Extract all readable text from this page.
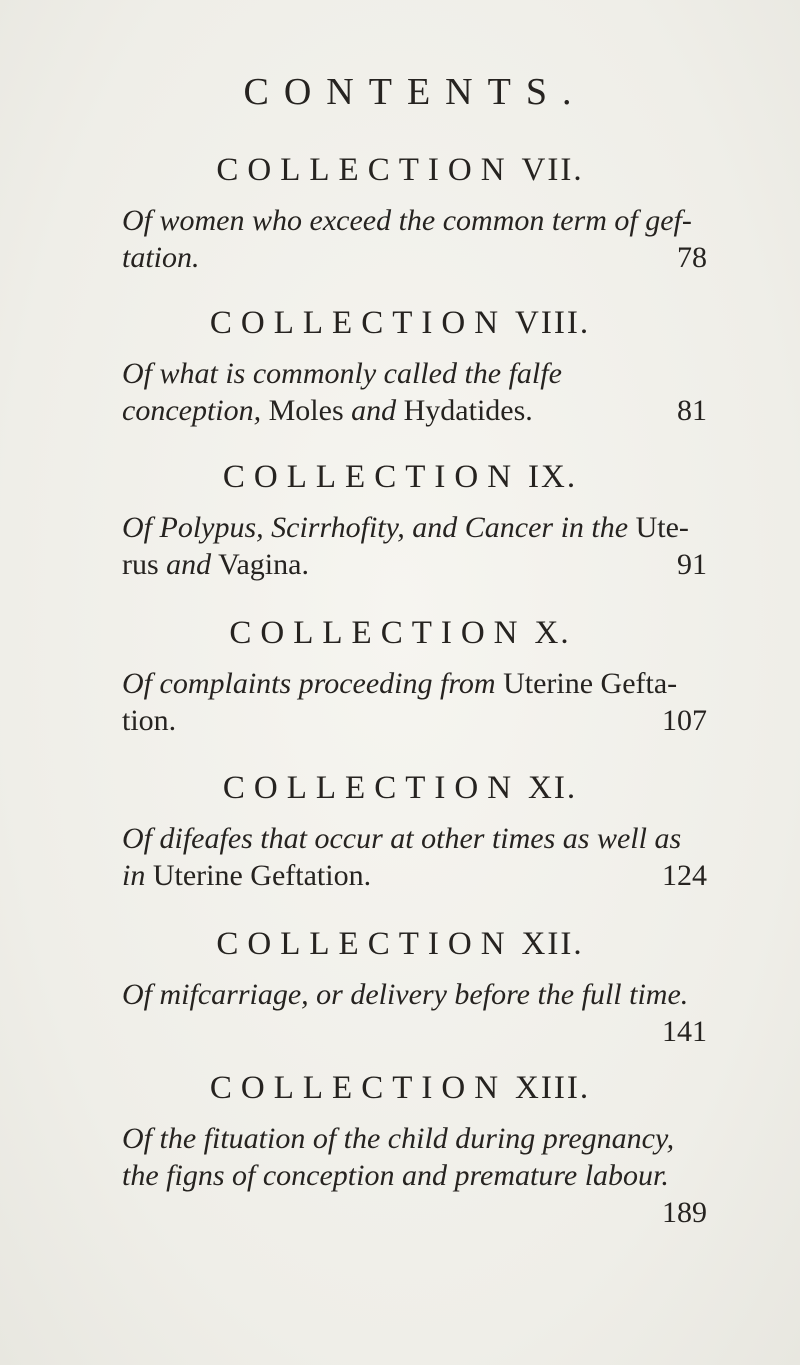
CONTENTS.
COLLECTION VII.
Of women who exceed the common term of gef- tation.	78
COLLECTION VIII.
Of what is commonly called the falfe conception, Moles and Hydatides.	81
COLLECTION IX.
Of Polypus, Scirrhofity, and Cancer in the Ute-rus and Vagina.	91
COLLECTION X.
Of complaints proceeding from Uterine Gefta-tion.	107
COLLECTION XI.
Of difeafes that occur at other times as well as in Uterine Geftation.	124
COLLECTION XII.
Of mifcarriage, or delivery before the full time.
141
COLLECTION XIII.
Of the fituation of the child during pregnancy, the figns of conception and premature labour.
189
